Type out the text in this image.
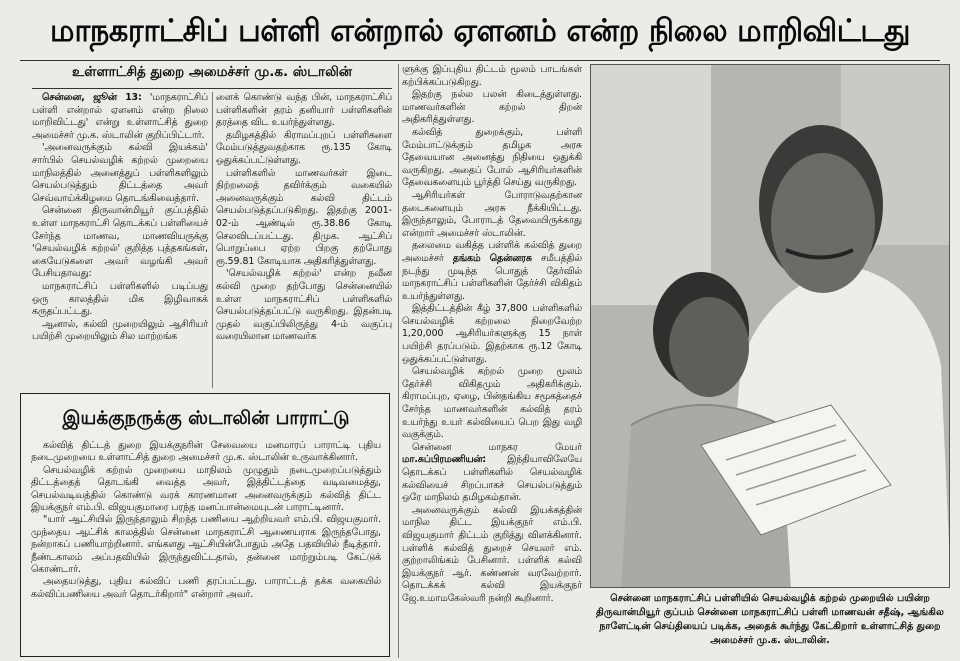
மாநகராட்சிப் பள்ளி என்றால் ஏளனம் என்ற நிலை மாறிவிட்டது
உள்ளாட்சித் துறை அமைச்சர் மு.க. ஸ்டாலின்

சென்னை, ஜூன் 13: 'மாநகராட்சிப் பள்ளி என்றால் ஏளனம் என்ற நிலை மாறிவிட்டது' என்று உள்ளாட்சித் துறை அமைச்சர் மு.க. ஸ்டாலின் குறிப்பிட்டார்.

'அனைவருக்கும் கல்வி இயக்கம்' சார்பில் செயல்வழிக் கற்றல் முறையை மாநிலத்தில் அனைத்துப் பள்ளிகளிலும் செயல்படுத்தும் திட்டத்தை அவர் செவ்வாய்க்கிழமை தொடங்கிவைத்தார்.

சென்னை திருவான்மியூர் குப்பத்தில் உள்ள மாநகராட்சி தொடக்கப் பள்ளியைச் சேர்ந்த மாணவ, மாணவியருக்கு 'செயல்வழிக் கற்றல்' குறித்த புத்தகங்கள், கையேடுகளை அவர் வழங்கி அவர் பேசியதாவது:

மாநகராட்சிப் பள்ளிகளில் படிப்பது ஒரு காலத்தில் மிக இழிவாகக் கருதப்பட்டது.

ஆனால், கல்வி முறையிலும் ஆசிரியர் பயிற்சி முறையிலும் சில மாற்றங்க

ளைக் கொண்டு வந்த பின், மாநகராட்சிப் பள்ளிகளின் தரம் தனியார் பள்ளிகளின் தரத்தை விட உயர்ந்துள்ளது.

தமிழகத்தில் கிராமப்புறப் பள்ளிகளை மேம்படுத்துவதற்காக ரூ.135 கோடி ஒதுக்கப்பட்டுள்ளது.

பள்ளிகளில் மாணவர்கள் இடை நிற்றலைத் தவிர்க்கும் வகையில் அனைவருக்கும் கல்வி திட்டம் செயல்படுத்தப்படுகிறது. இதற்கு 2001-02-ம் ஆண்டில் ரூ.38.86 கோடி செலவிடப்பட்டது. திமுக. ஆட்சிப் பொறுப்பை ஏற்ற பிறகு தற்போது ரூ.59.81 கோடியாக அதிகரித்துள்ளது.

'செயல்வழிக் கற்றல்' என்ற நவீன கல்வி முறை தற்போது சென்னையில் உள்ள மாநகராட்சிப் பள்ளிகளில் செயல்படுத்தப்பட்டு வருகிறது. இதன்படி முதல் வகுப்பிலிருந்து 4-ம் வகுப்பு வரையிலான மாணவர்க

இயக்குநருக்கு ஸ்டாலின் பாராட்டு

கல்வித் திட்டத் துறை இயக்குநரின் சேவையை மனமாரப் பாராட்டி புதிய நடைமுறையை உள்ளாட்சித் துறை அமைச்சர் மு.க. ஸ்டாலின் உருவாக்கினார்.

செயல்வழிக் கற்றல் முறையை மாநிலம் முழுதும் நடைமுறைப்படுத்தும் திட்டத்தைத் தொடங்கி வைத்த அவர், இத்திட்டத்தை வடிவமைத்து, செயல்வடிவத்தில் கொண்டு வரக் காரணமான அனைவருக்கும் கல்வித் திட்ட இயக்குநர் எம்.பி. விஜயகுமாரை பரந்த மனப்பான்மையுடன் பாராட்டினார்.

"யார் ஆட்சியில் இருந்தாலும் சிறந்த பணியை ஆற்றியவர் எம்.பி. விஜயகுமார். முந்தைய ஆட்சிக் காலத்தில் சென்னை மாநகராட்சி ஆணையராக இருந்தபோது, நன்றாகப் பணியாற்றினார். எங்களது ஆட்சியின்போதும் அதே பதவியில் நீடித்தார். நீண்டகாலம் அப்பதவியில் இருந்துவிட்டதால், தன்னை மாற்றும்படி கேட்டுக் கொண்டார்.

அதையடுத்து, புதிய கல்விப் பணி தரப்பட்டது. பாராட்டத் தக்க வகையில் கல்விப்பணியை அவர் தொடர்கிறார்" என்றார் அவர்.

ளுக்கு இப்புதிய திட்டம் மூலம் பாடங்கள் கற்பிக்கப்படுகிறது.

இதற்கு நல்ல பலன் கிடைத்துள்ளது. மாணவர்களின் கற்றல் திறன் அதிகரித்துள்ளது.

கல்வித் துறைக்கும், பள்ளி மேம்பாட்டுக்கும் தமிழக அரசு தேவையான அனைத்து நிதியை ஒதுக்கி வருகிறது. அதைப் போல் ஆசிரியர்களின் தேவைகளையும் பூர்த்தி செய்து வருகிறது.

ஆசிரியர்கள் போராடுவதற்கான தடைகளையும் அரசு நீக்கியிட்டது. இருந்தாலும், போராடத் தேவையிருக்காது என்றார் அமைச்சர் ஸ்டாலின்.

தலைமை வகித்த பள்ளிக் கல்வித் துறை அமைச்சர் தங்கம் தென்னரசு சமீபத்தில் நடந்து முடிந்த பொதுத் தேர்வில் மாநகராட்சிப் பள்ளிகளின் தேர்ச்சி விகிதம் உயர்ந்துள்ளது.

இத்திட்டத்தின் கீழ் 37,800 பள்ளிகளில் செயல்வழிக் கற்றலை நிறைவேற்ற 1,20,000 ஆசிரியர்களுக்கு 15 நாள் பயிற்சி தரப்படும். இதற்காக ரூ.12 கோடி ஒதுக்கப்பட்டுள்ளது.

செயல்வழிக் கற்றல் முறை மூலம் தேர்ச்சி விகிதமும் அதிகரிக்கும். கிராமப்புற, ஏழை, பின்தங்கிய சமூகத்தைச் சேர்ந்த மாணவர்களின் கல்வித் தரம் உயர்ந்து உயர் கல்வியைப் பெற இது வழி வகுக்கும்.

சென்னை மாநகர மேயர் மா.சுப்பிரமணியன்: இந்தியாவிலேயே தொடக்கப் பள்ளிகளில் செயல்வழிக் கல்வியைச் சிறப்பாகச் செயல்படுத்தும் ஒரே மாநிலம் தமிழகம்தான்.

அனைவருக்கும் கல்வி இயக்கத்தின் மாநில திட்ட இயக்குநர் எம்.பி. விஜயகுமார் திட்டம் குறித்து விளக்கினார். பள்ளிக் கல்வித் துறைச் செயலர் எம். குற்றாலிங்கம் பேசினார். பள்ளிக் கல்வி இயக்குநர் ஆர். கண்ணன் வரவேற்றார். தொடக்கக் கல்வி இயக்குநர் ஜே.உமாமகேஸ்வரி நன்றி கூறினார்.	சென்னை மாநகராட்சிப் பள்ளியில் செயல்வழிக் கற்றல் முறையில் பயின்ற திருவான்மியூர் குப்பம் சென்னை மாநகராட்சிப் பள்ளி மாணவன் சதீஷ், ஆங்கில நாளேட்டின் செய்தியைப் படிக்க, அதைக் கூர்ந்து கேட்கிறார் உள்ளாட்சித் துறை அமைச்சர் மு.க. ஸ்டாலின்.
